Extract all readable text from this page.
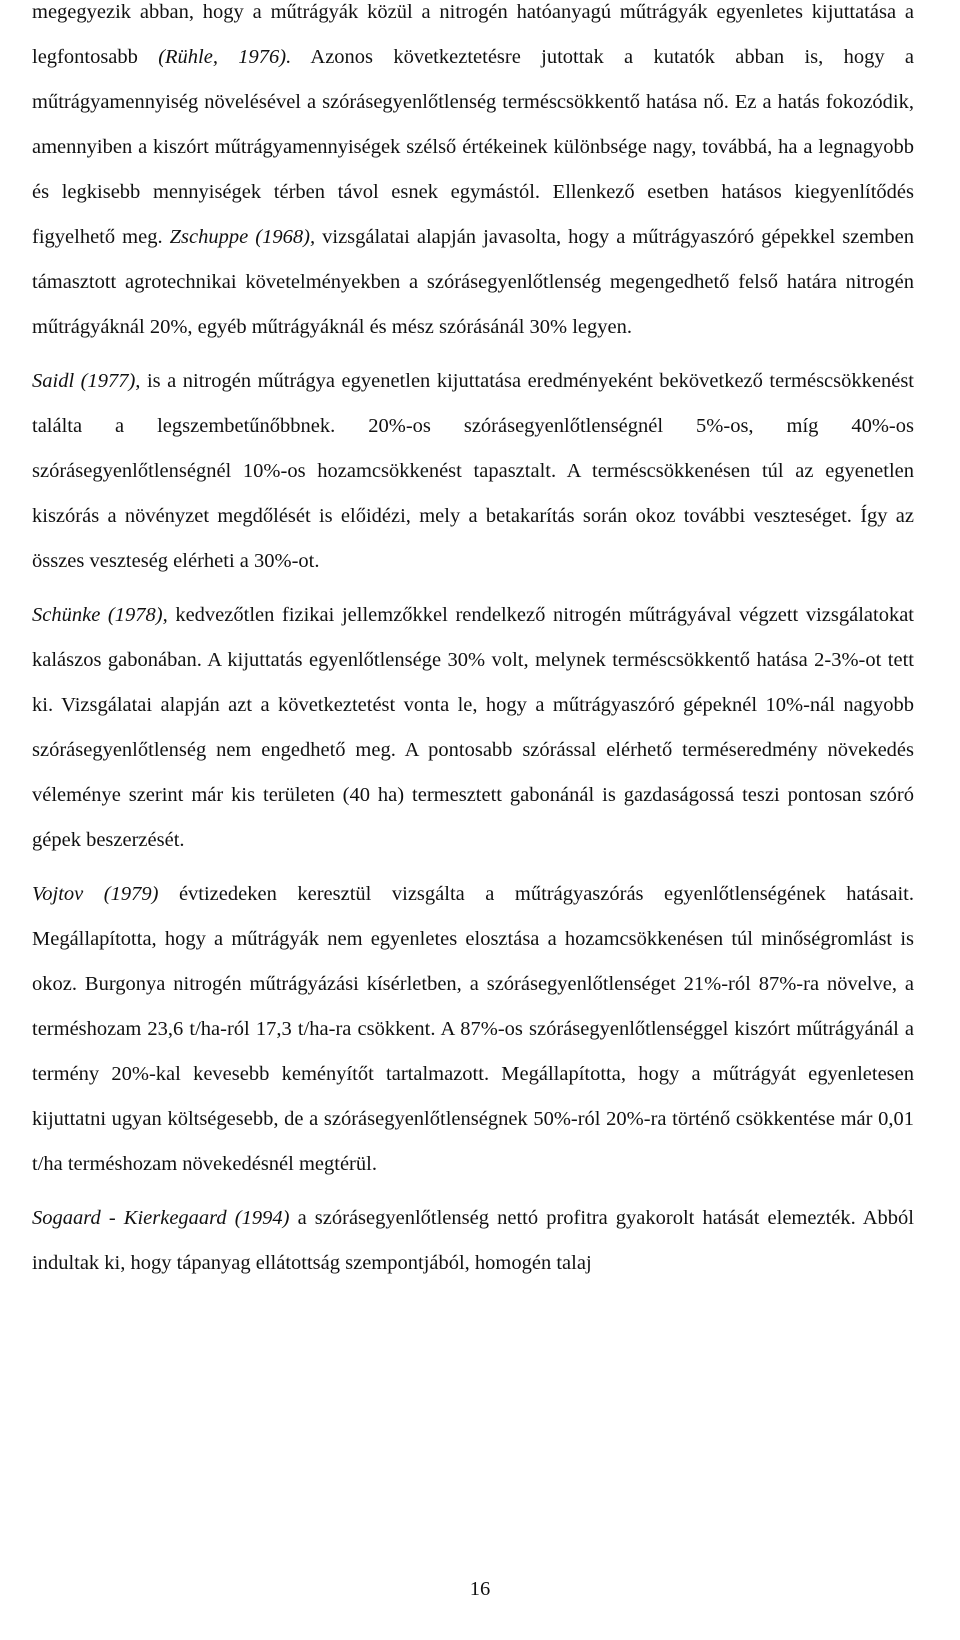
megegyezik abban, hogy a műtrágyák közül a nitrogén hatóanyagú műtrágyák egyenletes kijuttatása a legfontosabb (Rühle, 1976). Azonos következtetésre jutottak a kutatók abban is, hogy a műtrágyamennyiség növelésével a szórásegyenlőtlenség terméscsökkentő hatása nő. Ez a hatás fokozódik, amennyiben a kiszórt műtrágyamennyiségek szélső értékeinek különbsége nagy, továbbá, ha a legnagyobb és legkisebb mennyiségek térben távol esnek egymástól. Ellenkező esetben hatásos kiegyenlítődés figyelhető meg. Zschuppe (1968), vizsgálatai alapján javasolta, hogy a műtrágyaszóró gépekkel szemben támasztott agrotechnikai követelményekben a szórásegyenlőtlenség megengedhető felső határa nitrogén műtrágyáknál 20%, egyéb műtrágyáknál és mész szórásánál 30% legyen.

Saidl (1977), is a nitrogén műtrágya egyenetlen kijuttatása eredményeként bekövetkező terméscsökkenést találta a legszembetűnőbbnek. 20%-os szórásegyenlőtlenségnél 5%-os, míg 40%-os szórásegyenlőtlenségnél 10%-os hozamcsökkenést tapasztalt. A terméscsökkenésen túl az egyenetlen kiszórás a növényzet megdőlését is előidézi, mely a betakarítás során okoz további veszteséget. Így az összes veszteség elérheti a 30%-ot.

Schünke (1978), kedvezőtlen fizikai jellemzőkkel rendelkező nitrogén műtrágyával végzett vizsgálatokat kalászos gabonában. A kijuttatás egyenlőtlensége 30% volt, melynek terméscsökkentő hatása 2-3%-ot tett ki. Vizsgálatai alapján azt a következtetést vonta le, hogy a műtrágyaszóró gépeknél 10%-nál nagyobb szórásegyenlőtlenség nem engedhető meg. A pontosabb szórással elérhető terméseredmény növekedés véleménye szerint már kis területen (40 ha) termesztett gabonánál is gazdaságossá teszi pontosan szóró gépek beszerzését.

Vojtov (1979) évtizedeken keresztül vizsgálta a műtrágyaszórás egyenlőtlenségének hatásait. Megállapította, hogy a műtrágyák nem egyenletes elosztása a hozamcsökkenésen túl minőségromlást is okoz. Burgonya nitrogén műtrágyázási kísérletben, a szórásegyenlőtlenséget 21%-ról 87%-ra növelve, a terméshozam 23,6 t/ha-ról 17,3 t/ha-ra csökkent. A 87%-os szórásegyenlőtlenséggel kiszórt műtrágyánál a termény 20%-kal kevesebb keményítőt tartalmazott. Megállapította, hogy a műtrágyát egyenletesen kijuttatni ugyan költségesebb, de a szórásegyenlőtlenségnek 50%-ról 20%-ra történő csökkentése már 0,01 t/ha terméshozam növekedésnél megtérül.

Sogaard - Kierkegaard (1994) a szórásegyenlőtlenség nettó profitra gyakorolt hatását elemezték. Abból indultak ki, hogy tápanyag ellátottság szempontjából, homogén talaj

16
